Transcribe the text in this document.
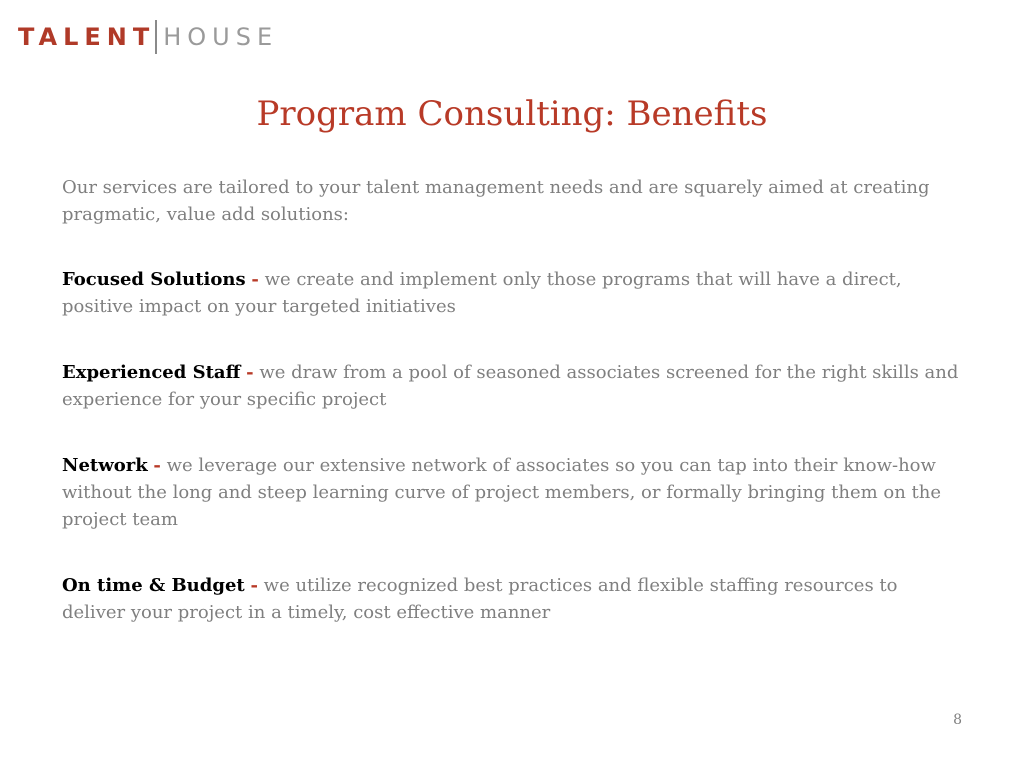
TALENT HOUSE
Program Consulting: Benefits

Our services are tailored to your talent management needs and are squarely aimed at creating pragmatic, value add solutions:

Focused Solutions - we create and implement only those programs that will have a direct, positive impact on your targeted initiatives

Experienced Staff - we draw from a pool of seasoned associates screened for the right skills and experience for your specific project

Network - we leverage our extensive network of associates so you can tap into their know-how without the long and steep learning curve of project members, or formally bringing them on the project team

On time & Budget - we utilize recognized best practices and flexible staffing resources to deliver your project in a timely, cost effective manner

8
